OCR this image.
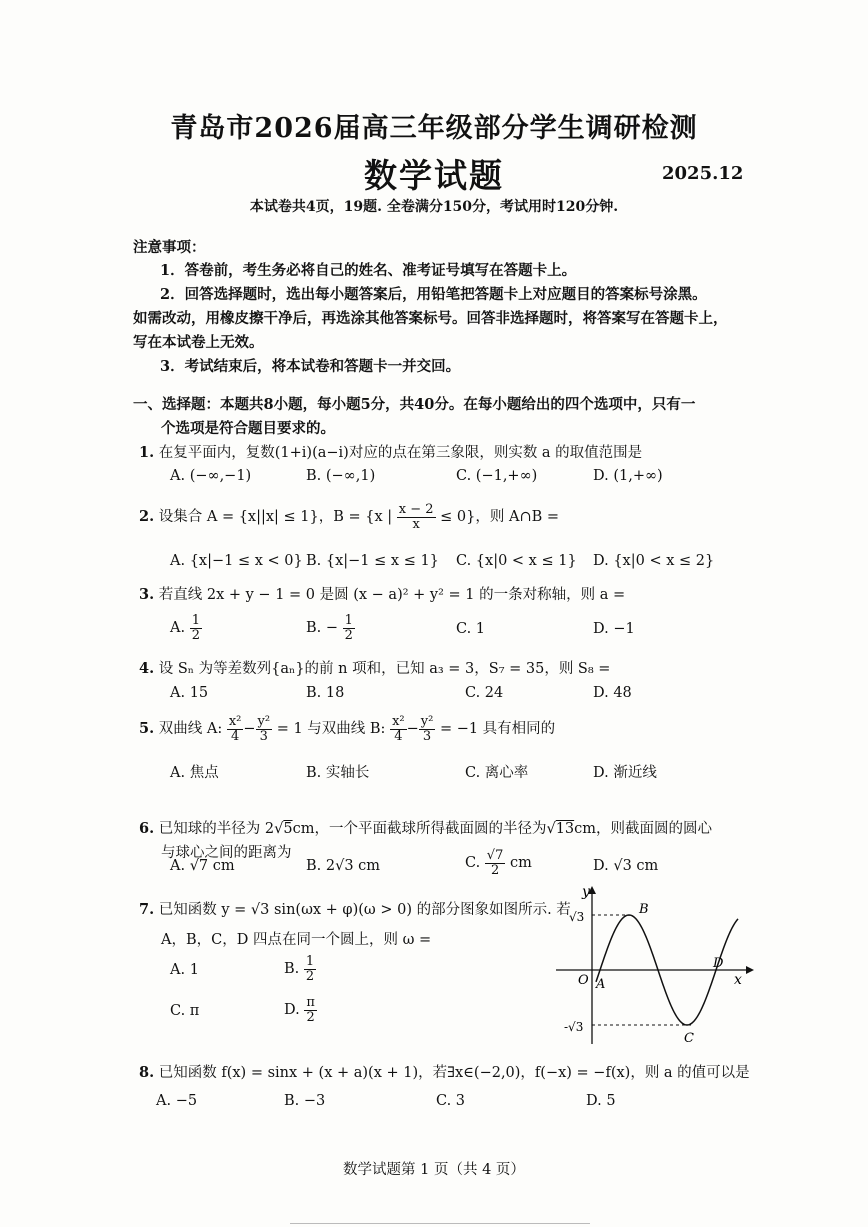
青岛市2026届高三年级部分学生调研检测
数学试题	2025.12
本试卷共4页，19题. 全卷满分150分，考试用时120分钟.
注意事项：
1．答卷前，考生务必将自己的姓名、准考证号填写在答题卡上。
2．回答选择题时，选出每小题答案后，用铅笔把答题卡上对应题目的答案标号涂黑。
如需改动，用橡皮擦干净后，再选涂其他答案标号。回答非选择题时，将答案写在答题卡上，
写在本试卷上无效。
3．考试结束后，将本试卷和答题卡一并交回。
一、选择题：本题共8小题，每小题5分，共40分。在每小题给出的四个选项中，只有一
个选项是符合题目要求的。
1. 在复平面内，复数(1+i)(a−i)对应的点在第三象限，则实数 a 的取值范围是
A. (−∞,−1)	B. (−∞,1)	C. (−1,+∞)	D. (1,+∞)
2. 设集合 A = {x||x| ≤ 1}，B = {x | $\frac{x - 2}{x} \le 0$}，则 A∩B =
A. {x|−1 ≤ x < 0} B. {x|−1 ≤ x ≤ 1} C. {x|0 < x ≤ 1} D. {x|0 < x ≤ 2}
3. 若直线 2x + y − 1 = 0 是圆 (x − a)² + y² = 1 的一条对称轴，则 a =
A. $\frac{1}{2}$	B. − $\frac{1}{2}$	C. 1	D. −1
4. 设 Sₙ 为等差数列{aₙ}的前 n 项和，已知 a₃ = 3，S₇ = 35，则 S₈ =
A. 15	B. 18	C. 24	D. 48
5. 双曲线 A: $\frac{\text{x²}}{4} - \frac{\text{y²}}{3} = 1$ 与双曲线 B: $\frac{\text{x²}}{4} - \frac{\text{y²}}{3} = -1$ 具有相同的
A. 焦点	B. 实轴长	C. 离心率	D. 渐近线
6. 已知球的半径为 2√5cm，一个平面截球所得截面圆的半径为√13cm，则截面圆的圆心
与球心之间的距离为
A. √7 cm	B. 2√3 cm	C. $\frac{√7}{2}$ cm	D. √3 cm
7. 已知函数 y = √3 sin(ωx + φ)(ω > 0) 的部分图象如图所示. 若
A，B，C，D 四点在同一个圆上，则 ω =
A. 1	B. $\frac{1}{2}$
C. π	D. $\frac{\pi}{2}$
y
x
O
√3
-√3
A
B
C
D
8. 已知函数 f(x) = sinx + (x + a)(x + 1)，若∃x∈(−2,0)，f(−x) = −f(x)，则 a 的值可以是
A. −5	B. −3	C. 3	D. 5
数学试题第 1 页（共 4 页）
